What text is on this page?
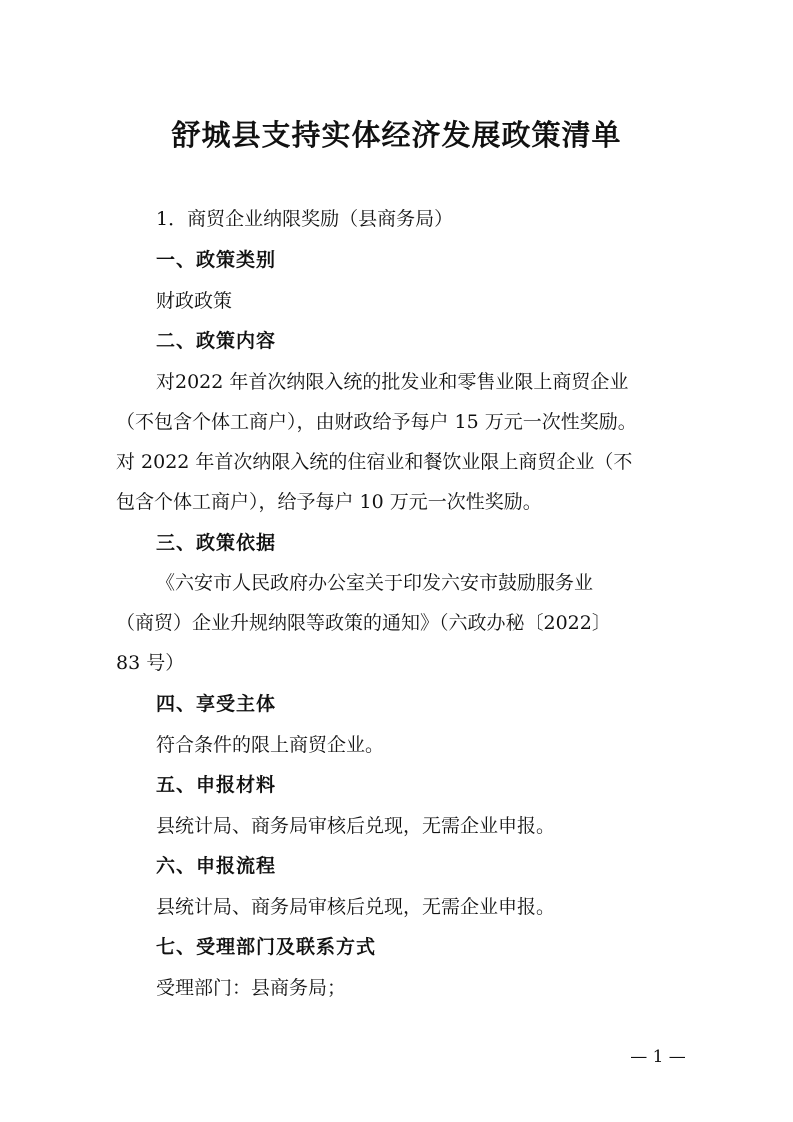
舒城县支持实体经济发展政策清单
1．商贸企业纳限奖励（县商务局）
一、政策类别
财政政策
二、政策内容
对2022 年首次纳限入统的批发业和零售业限上商贸企业
（不包含个体工商户），由财政给予每户 15 万元一次性奖励。
对 2022 年首次纳限入统的住宿业和餐饮业限上商贸企业（不
包含个体工商户），给予每户 10 万元一次性奖励。
三、政策依据
《六安市人民政府办公室关于印发六安市鼓励服务业
（商贸）企业升规纳限等政策的通知》（六政办秘〔2022〕
83 号）
四、享受主体
符合条件的限上商贸企业。
五、申报材料
县统计局、商务局审核后兑现，无需企业申报。
六、申报流程
县统计局、商务局审核后兑现，无需企业申报。
七、受理部门及联系方式
受理部门：县商务局；
— 1 —
